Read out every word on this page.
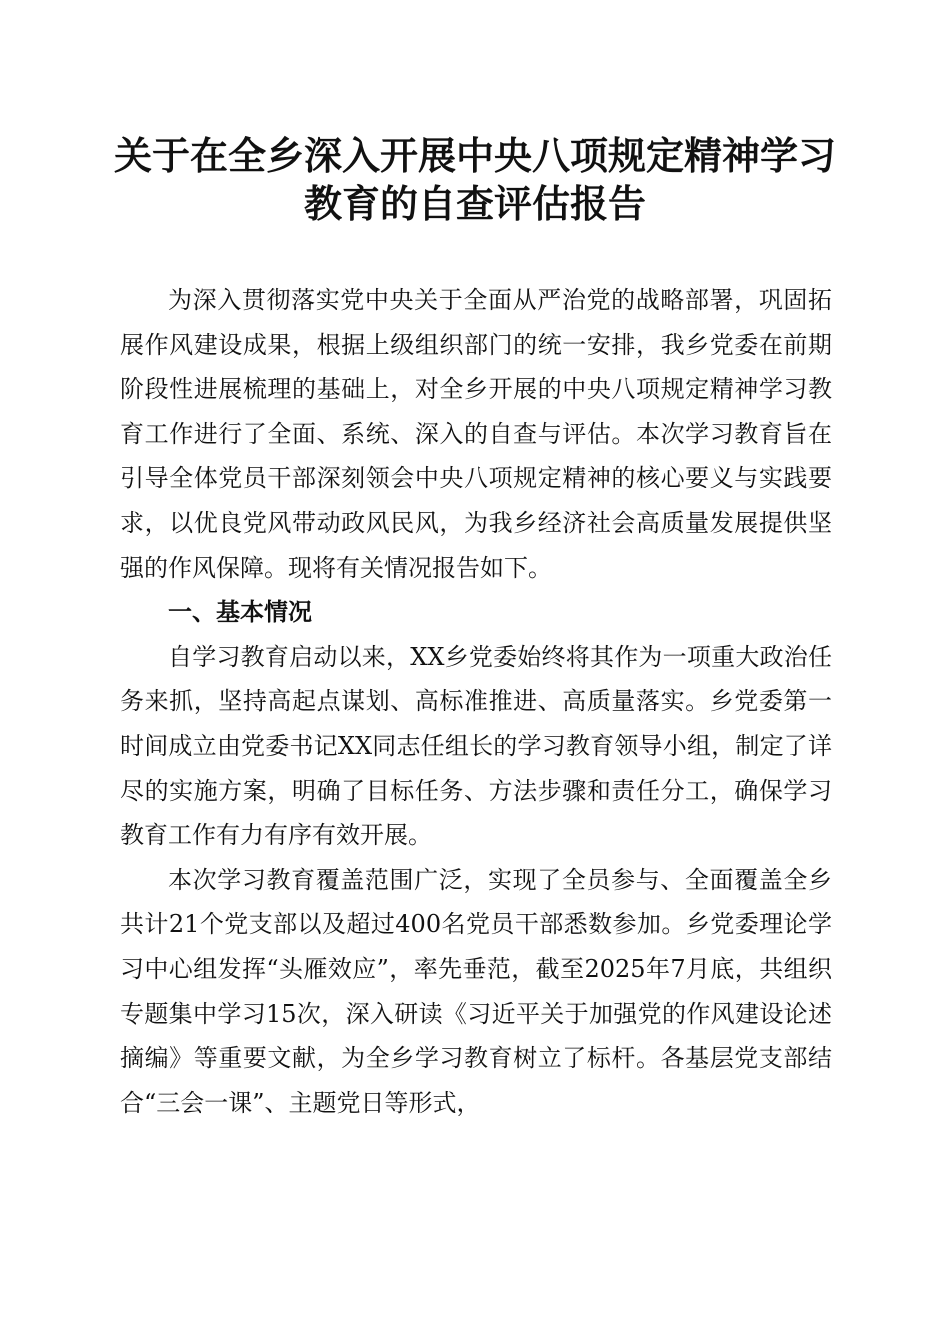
关于在全乡深入开展中央八项规定精神学习教育的自查评估报告

为深入贯彻落实党中央关于全面从严治党的战略部署，巩固拓展作风建设成果，根据上级组织部门的统一安排，我乡党委在前期阶段性进展梳理的基础上，对全乡开展的中央八项规定精神学习教育工作进行了全面、系统、深入的自查与评估。本次学习教育旨在引导全体党员干部深刻领会中央八项规定精神的核心要义与实践要求，以优良党风带动政风民风，为我乡经济社会高质量发展提供坚强的作风保障。现将有关情况报告如下。

一、基本情况

自学习教育启动以来，XX乡党委始终将其作为一项重大政治任务来抓，坚持高起点谋划、高标准推进、高质量落实。乡党委第一时间成立由党委书记XX同志任组长的学习教育领导小组，制定了详尽的实施方案，明确了目标任务、方法步骤和责任分工，确保学习教育工作有力有序有效开展。

本次学习教育覆盖范围广泛，实现了全员参与、全面覆盖全乡共计21个党支部以及超过400名党员干部悉数参加。乡党委理论学习中心组发挥“头雁效应”，率先垂范，截至2025年7月底，共组织专题集中学习15次，深入研读《习近平关于加强党的作风建设论述摘编》等重要文献，为全乡学习教育树立了标杆。各基层党支部结合“三会一课”、主题党日等形式，
